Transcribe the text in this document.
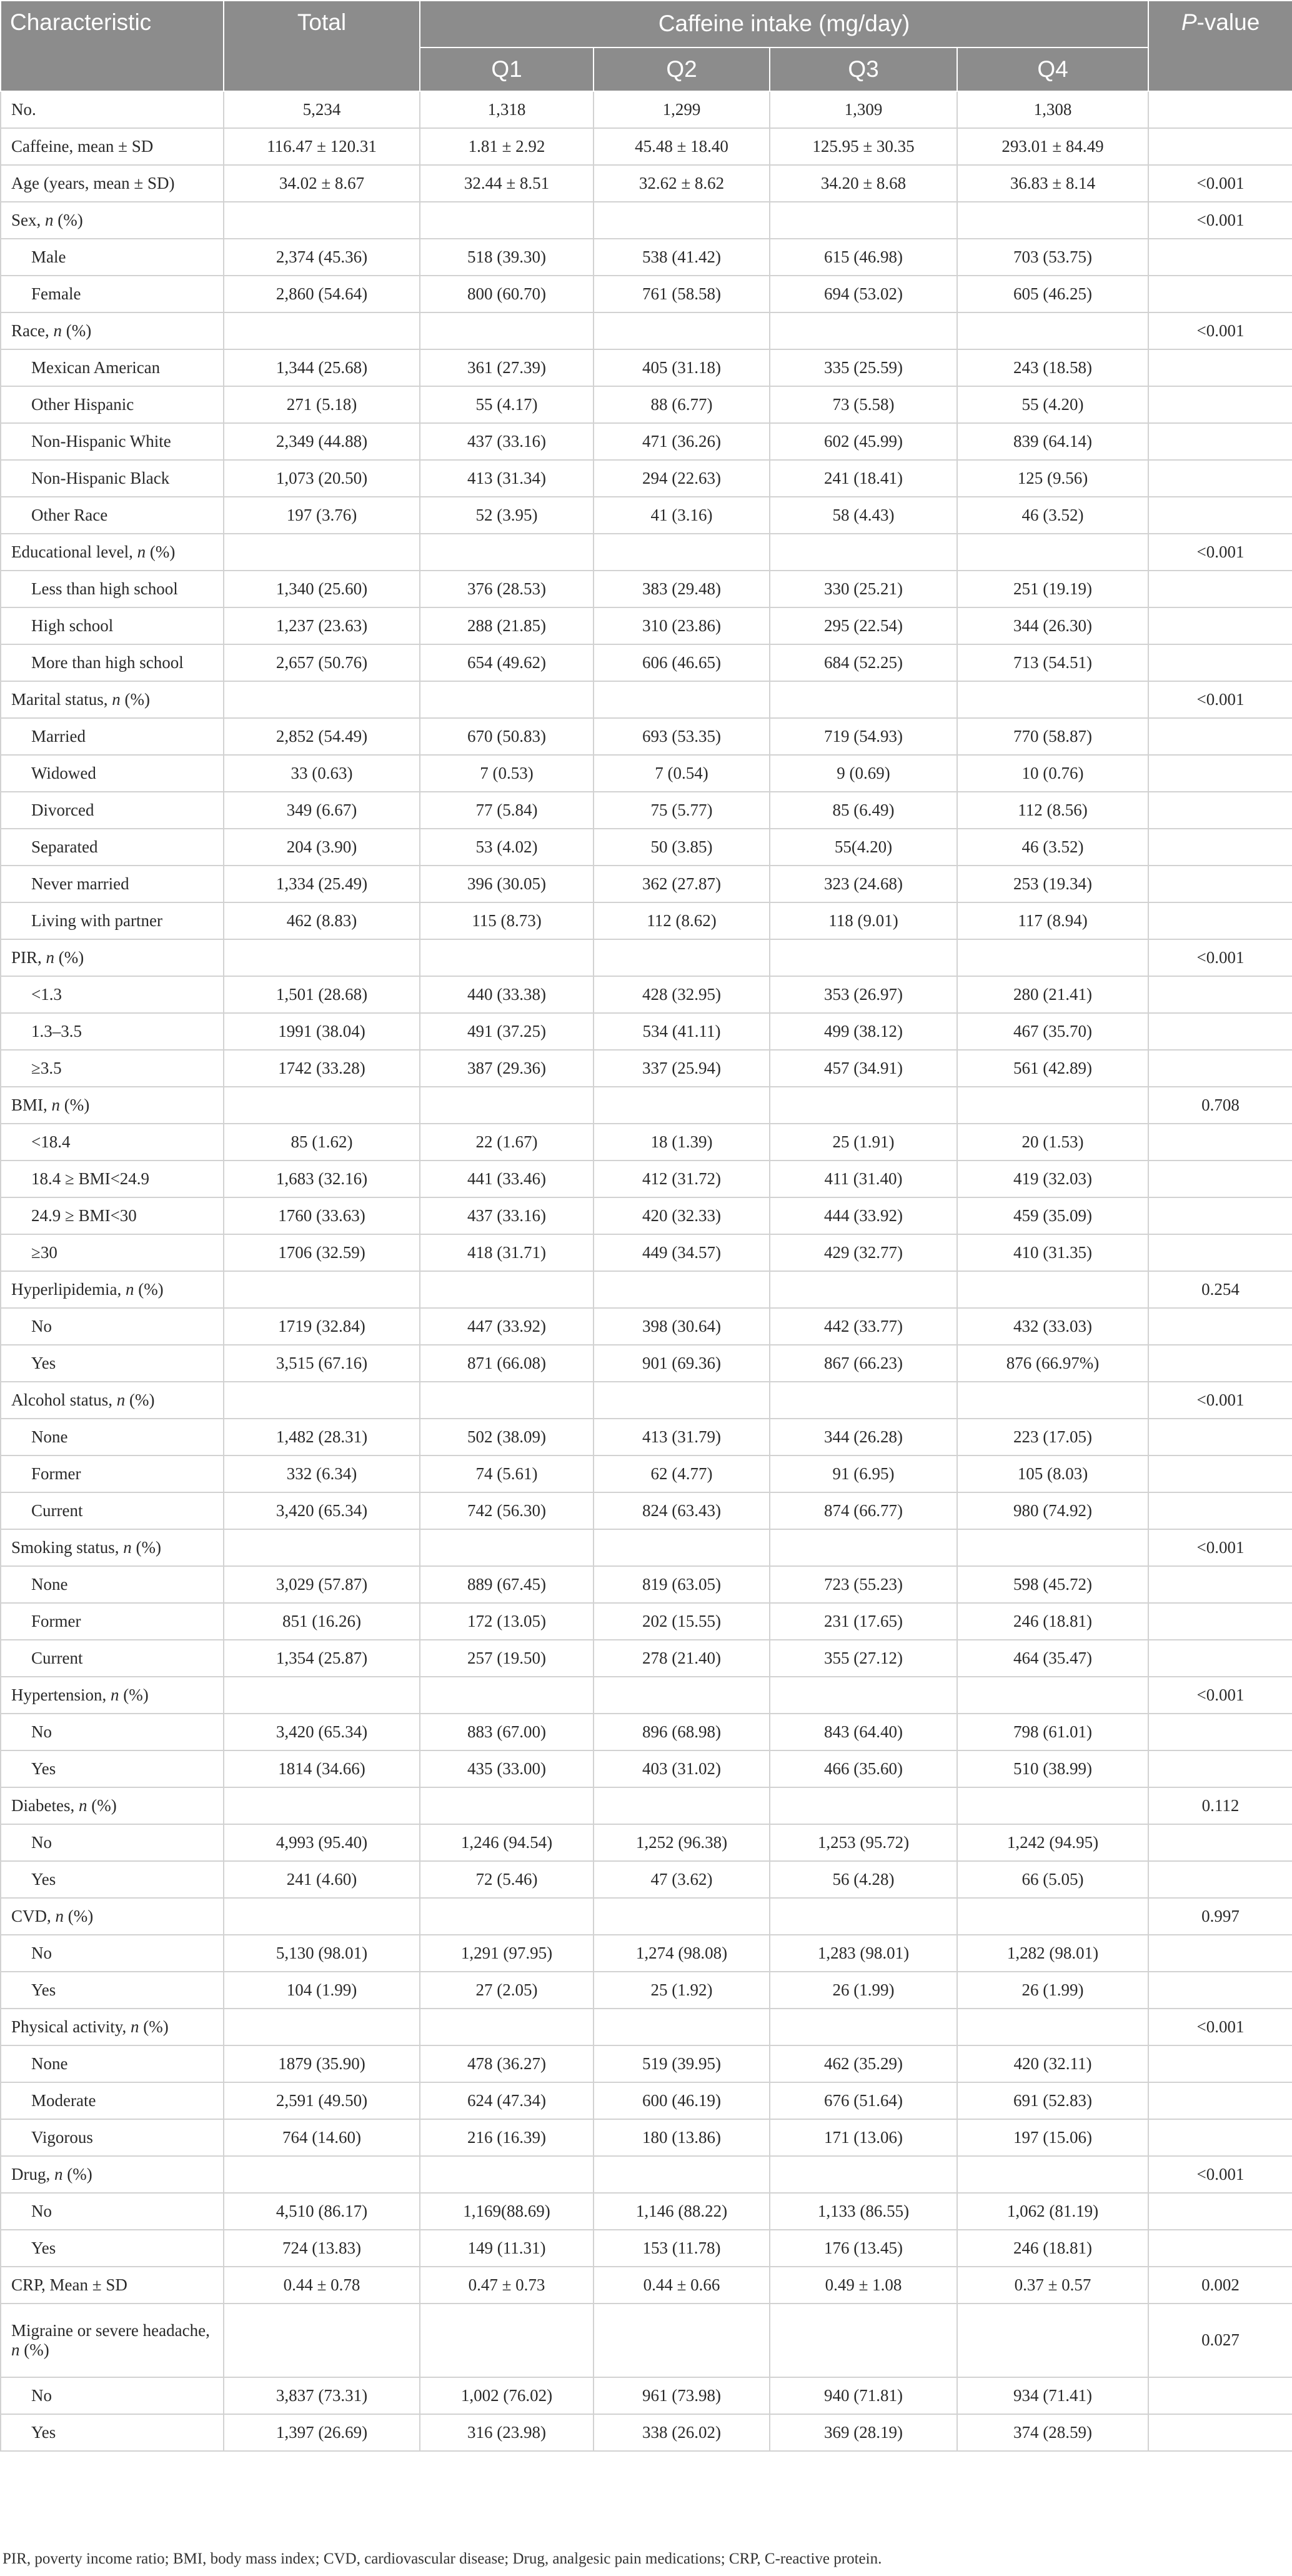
Characteristic	Total	Caffeine intake (mg/day)				P-value
		Q1	Q2	Q3	Q4	
No.	5,234	1,318	1,299	1,309	1,308	
Caffeine, mean ± SD	116.47 ± 120.31	1.81 ± 2.92	45.48 ± 18.40	125.95 ± 30.35	293.01 ± 84.49	
Age (years, mean ± SD)	34.02 ± 8.67	32.44 ± 8.51	32.62 ± 8.62	34.20 ± 8.68	36.83 ± 8.14	<0.001
Sex, n (%)						<0.001
Male	2,374 (45.36)	518 (39.30)	538 (41.42)	615 (46.98)	703 (53.75)	
Female	2,860 (54.64)	800 (60.70)	761 (58.58)	694 (53.02)	605 (46.25)	
Race, n (%)						<0.001
Mexican American	1,344 (25.68)	361 (27.39)	405 (31.18)	335 (25.59)	243 (18.58)	
Other Hispanic	271 (5.18)	55 (4.17)	88 (6.77)	73 (5.58)	55 (4.20)	
Non-Hispanic White	2,349 (44.88)	437 (33.16)	471 (36.26)	602 (45.99)	839 (64.14)	
Non-Hispanic Black	1,073 (20.50)	413 (31.34)	294 (22.63)	241 (18.41)	125 (9.56)	
Other Race	197 (3.76)	52 (3.95)	41 (3.16)	58 (4.43)	46 (3.52)	
Educational level, n (%)						<0.001
Less than high school	1,340 (25.60)	376 (28.53)	383 (29.48)	330 (25.21)	251 (19.19)	
High school	1,237 (23.63)	288 (21.85)	310 (23.86)	295 (22.54)	344 (26.30)	
More than high school	2,657 (50.76)	654 (49.62)	606 (46.65)	684 (52.25)	713 (54.51)	
Marital status, n (%)						<0.001
Married	2,852 (54.49)	670 (50.83)	693 (53.35)	719 (54.93)	770 (58.87)	
Widowed	33 (0.63)	7 (0.53)	7 (0.54)	9 (0.69)	10 (0.76)	
Divorced	349 (6.67)	77 (5.84)	75 (5.77)	85 (6.49)	112 (8.56)	
Separated	204 (3.90)	53 (4.02)	50 (3.85)	55(4.20)	46 (3.52)	
Never married	1,334 (25.49)	396 (30.05)	362 (27.87)	323 (24.68)	253 (19.34)	
Living with partner	462 (8.83)	115 (8.73)	112 (8.62)	118 (9.01)	117 (8.94)	
PIR, n (%)						<0.001
<1.3	1,501 (28.68)	440 (33.38)	428 (32.95)	353 (26.97)	280 (21.41)	
1.3–3.5	1991 (38.04)	491 (37.25)	534 (41.11)	499 (38.12)	467 (35.70)	
≥3.5	1742 (33.28)	387 (29.36)	337 (25.94)	457 (34.91)	561 (42.89)	
BMI, n (%)						0.708
<18.4	85 (1.62)	22 (1.67)	18 (1.39)	25 (1.91)	20 (1.53)	
18.4 ≥ BMI<24.9	1,683 (32.16)	441 (33.46)	412 (31.72)	411 (31.40)	419 (32.03)	
24.9 ≥ BMI<30	1760 (33.63)	437 (33.16)	420 (32.33)	444 (33.92)	459 (35.09)	
≥30	1706 (32.59)	418 (31.71)	449 (34.57)	429 (32.77)	410 (31.35)	
Hyperlipidemia, n (%)						0.254
No	1719 (32.84)	447 (33.92)	398 (30.64)	442 (33.77)	432 (33.03)	
Yes	3,515 (67.16)	871 (66.08)	901 (69.36)	867 (66.23)	876 (66.97%)	
Alcohol status, n (%)						<0.001
None	1,482 (28.31)	502 (38.09)	413 (31.79)	344 (26.28)	223 (17.05)	
Former	332 (6.34)	74 (5.61)	62 (4.77)	91 (6.95)	105 (8.03)	
Current	3,420 (65.34)	742 (56.30)	824 (63.43)	874 (66.77)	980 (74.92)	
Smoking status, n (%)						<0.001
None	3,029 (57.87)	889 (67.45)	819 (63.05)	723 (55.23)	598 (45.72)	
Former	851 (16.26)	172 (13.05)	202 (15.55)	231 (17.65)	246 (18.81)	
Current	1,354 (25.87)	257 (19.50)	278 (21.40)	355 (27.12)	464 (35.47)	
Hypertension, n (%)						<0.001
No	3,420 (65.34)	883 (67.00)	896 (68.98)	843 (64.40)	798 (61.01)	
Yes	1814 (34.66)	435 (33.00)	403 (31.02)	466 (35.60)	510 (38.99)	
Diabetes, n (%)						0.112
No	4,993 (95.40)	1,246 (94.54)	1,252 (96.38)	1,253 (95.72)	1,242 (94.95)	
Yes	241 (4.60)	72 (5.46)	47 (3.62)	56 (4.28)	66 (5.05)	
CVD, n (%)						0.997
No	5,130 (98.01)	1,291 (97.95)	1,274 (98.08)	1,283 (98.01)	1,282 (98.01)	
Yes	104 (1.99)	27 (2.05)	25 (1.92)	26 (1.99)	26 (1.99)	
Physical activity, n (%)						<0.001
None	1879 (35.90)	478 (36.27)	519 (39.95)	462 (35.29)	420 (32.11)	
Moderate	2,591 (49.50)	624 (47.34)	600 (46.19)	676 (51.64)	691 (52.83)	
Vigorous	764 (14.60)	216 (16.39)	180 (13.86)	171 (13.06)	197 (15.06)	
Drug, n (%)						<0.001
No	4,510 (86.17)	1,169(88.69)	1,146 (88.22)	1,133 (86.55)	1,062 (81.19)	
Yes	724 (13.83)	149 (11.31)	153 (11.78)	176 (13.45)	246 (18.81)	
CRP, Mean ± SD	0.44 ± 0.78	0.47 ± 0.73	0.44 ± 0.66	0.49 ± 1.08	0.37 ± 0.57	0.002
Migraine or severe headache, n (%)						0.027
No	3,837 (73.31)	1,002 (76.02)	961 (73.98)	940 (71.81)	934 (71.41)	
Yes	1,397 (26.69)	316 (23.98)	338 (26.02)	369 (28.19)	374 (28.59)	
PIR, poverty income ratio; BMI, body mass index; CVD, cardiovascular disease; Drug, analgesic pain medications; CRP, C-reactive protein.
